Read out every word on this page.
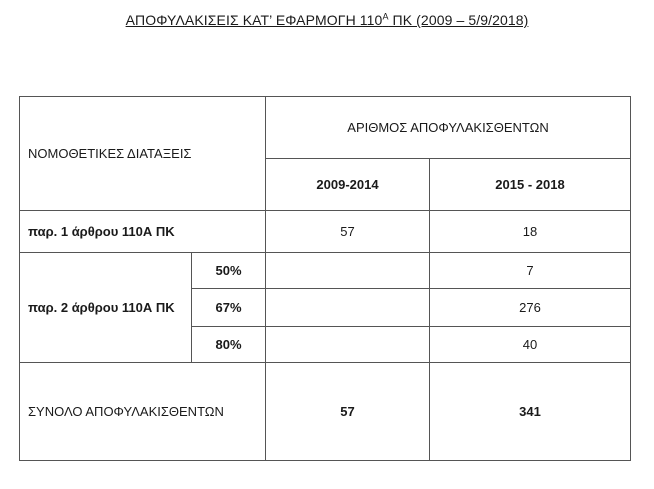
ΑΠΟΦΥΛΑΚΙΣΕΙΣ ΚΑΤ’ ΕΦΑΡΜΟΓΗ $110^A$ ΠΚ (2009 – 5/9/2018)
ΝΟΜΟΘΕΤΙΚΕΣ ΔΙΑΤΑΞΕΙΣ		ΑΡΙΘΜΟΣ ΑΠΟΦΥΛΑΚΙΣΘΕΝΤΩΝ	
		2009-2014	2015 - 2018
παρ. 1 άρθρου 110Α ΠΚ		57	18
παρ. 2 άρθρου 110Α ΠΚ	50%		7
	67%		276
	80%		40
ΣΥΝΟΛΟ ΑΠΟΦΥΛΑΚΙΣΘΕΝΤΩΝ		57	341
